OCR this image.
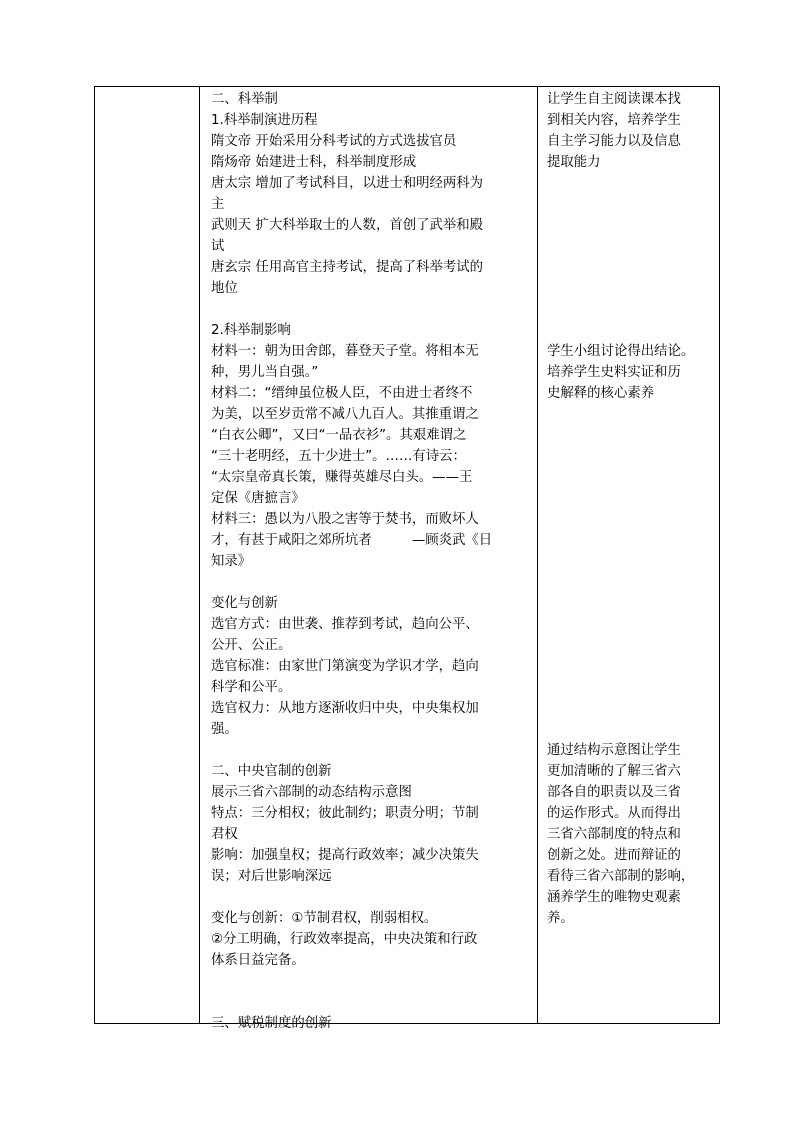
二、科举制
1.科举制演进历程
隋文帝 开始采用分科考试的方式选拔官员
隋炀帝 始建进士科，科举制度形成
唐太宗 增加了考试科目，以进士和明经两科为
主
武则天 扩大科举取士的人数，首创了武举和殿
试
唐玄宗 任用高官主持考试，提高了科举考试的
地位
2.科举制影响
材料一：朝为田舍郎，暮登天子堂。将相本无
种，男儿当自强。”
材料二：“缙绅虽位极人臣，不由进士者终不
为美，以至岁贡常不减八九百人。其推重谓之
“白衣公卿”，又曰“一品衣衫”。其艰难谓之
“三十老明经，五十少进士”。……有诗云：
“太宗皇帝真长策，赚得英雄尽白头。——王
定保《唐摭言》
材料三：愚以为八股之害等于焚书，而败坏人
才，有甚于咸阳之郊所坑者　　　—顾炎武《日
知录》
变化与创新
选官方式：由世袭、推荐到考试，趋向公平、
公开、公正。
选官标准：由家世门第演变为学识才学，趋向
科学和公平。
选官权力：从地方逐渐收归中央，中央集权加
强。
二、中央官制的创新
展示三省六部制的动态结构示意图
特点：三分相权；彼此制约；职责分明；节制
君权
影响：加强皇权；提高行政效率；减少决策失
误；对后世影响深远
变化与创新：①节制君权，削弱相权。
②分工明确，行政效率提高，中央决策和行政
体系日益完备。
三、赋税制度的创新
让学生自主阅读课本找
到相关内容，培养学生
自主学习能力以及信息
提取能力
学生小组讨论得出结论。
培养学生史料实证和历
史解释的核心素养
通过结构示意图让学生
更加清晰的了解三省六
部各自的职责以及三省
的运作形式。从而得出
三省六部制度的特点和
创新之处。进而辩证的
看待三省六部制的影响，
涵养学生的唯物史观素
养。
